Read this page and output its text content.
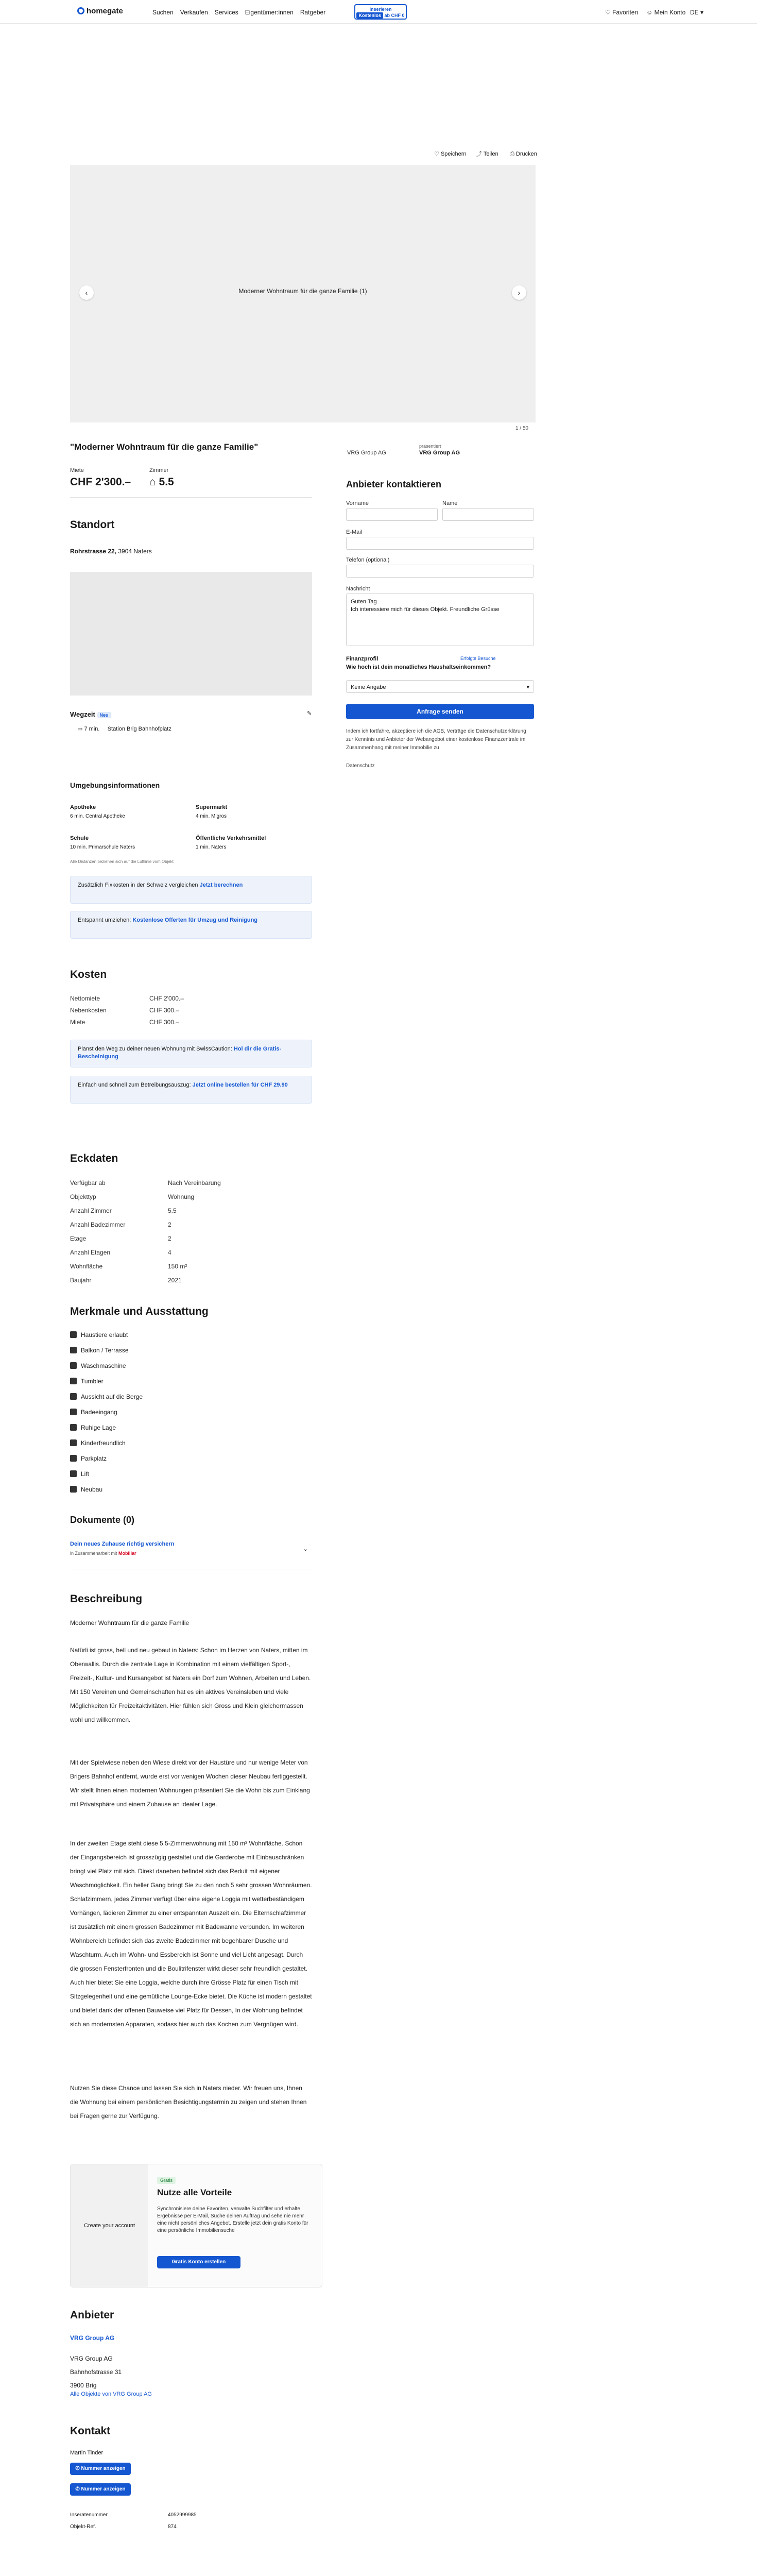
homegate	Suchen Verkaufen Services Eigentümer:innen Ratgeber	Inserieren
Kostenlos ab CHF 0	♡ Favoriten ☺ Mein Konto DE ▾
♡ Speichern ⤴ Teilen ⎙ Drucken
Moderner Wohntraum für die ganze Familie (1)
‹	›
1 / 50
"Moderner Wohntraum für die ganze Familie"
Miete	Zimmer
CHF 2'300.– ⌂ 5.5
VRG Group AG
präsentiert
VRG Group AG
Anbieter kontaktieren
Vorname	Name
E-Mail
Telefon (optional)
Nachricht
Guten Tag
Ich interessiere mich für dieses Objekt. Freundliche Grüsse
Finanzprofil	Erfolgte Besuche
Wie hoch ist dein monatliches Haushaltseinkommen?
Keine Angabe	▾
Anfrage senden
Indem ich fortfahre, akzeptiere ich die AGB, Verträge die Datenschutzerklärung zur Kenntnis und Anbieter der Webangebot einer kostenlose Finanzzentrale im Zusammenhang mit meiner Immobilie zu
Datenschutz
Standort
Rohrstrasse 22, 3904 Naters
Wegzeit Neu	✎
▭ 7 min. Station Brig Bahnhofplatz
Umgebungsinformationen
Apotheke
6 min. Central Apotheke
Supermarkt
4 min. Migros
Schule
10 min. Primarschule Naters
Öffentliche Verkehrsmittel
1 min. Naters
Alle Distanzen beziehen sich auf die Luftlinie vom Objekt
Zusätzlich Fixkosten in der Schweiz vergleichen Jetzt berechnen
Entspannt umziehen: Kostenlose Offerten für Umzug und Reinigung
Kosten
Nettomiete	CHF 2'000.–
Nebenkosten	CHF 300.–
Miete	CHF 300.–
Planst den Weg zu deiner neuen Wohnung mit SwissCaution: Hol dir die Gratis-Bescheinigung
Einfach und schnell zum Betreibungsauszug: Jetzt online bestellen für CHF 29.90
Eckdaten
Verfügbar ab	Nach Vereinbarung
Objekttyp	Wohnung
Anzahl Zimmer	5.5
Anzahl Badezimmer	2
Etage	2
Anzahl Etagen	4
Wohnfläche	150 m²
Baujahr	2021
Merkmale und Ausstattung
Haustiere erlaubt
Balkon / Terrasse
Waschmaschine
Tumbler
Aussicht auf die Berge
Badeeingang
Ruhige Lage
Kinderfreundlich
Parkplatz
Lift
Neubau
Dokumente (0)
Dein neues Zuhause richtig versichern
in Zusammenarbeit mit Mobiliar
⌄
Beschreibung
Moderner Wohntraum für die ganze Familie
Natürli ist gross, hell und neu gebaut in Naters: Schon im Herzen von Naters, mitten im Oberwallis. Durch die zentrale Lage in Kombination mit einem vielfältigen Sport-, Freizeit-, Kultur- und Kursangebot ist Naters ein Dorf zum Wohnen, Arbeiten und Leben. Mit 150 Vereinen und Gemeinschaften hat es ein aktives Vereinsleben und viele Möglichkeiten für Freizeitaktivitäten. Hier fühlen sich Gross und Klein gleichermassen wohl und willkommen.
Mit der Spielwiese neben den Wiese direkt vor der Haustüre und nur wenige Meter von Brigers Bahnhof entfernt, wurde erst vor wenigen Wochen dieser Neubau fertiggestellt. Wir stellt Ihnen einen modernen Wohnungen präsentiert Sie die Wohn bis zum Einklang mit Privatsphäre und einem Zuhause an idealer Lage.
In der zweiten Etage steht diese 5.5-Zimmerwohnung mit 150 m² Wohnfläche. Schon der Eingangsbereich ist grosszügig gestaltet und die Garderobe mit Einbauschränken bringt viel Platz mit sich. Direkt daneben befindet sich das Reduit mit eigener Waschmöglichkeit. Ein heller Gang bringt Sie zu den noch 5 sehr grossen Wohnräumen. Schlafzimmern, jedes Zimmer verfügt über eine eigene Loggia mit wetterbeständigem Vorhängen, lädieren Zimmer zu einer entspannten Auszeit ein. Die Elternschlafzimmer ist zusätzlich mit einem grossen Badezimmer mit Badewanne verbunden. Im weiteren Wohnbereich befindet sich das zweite Badezimmer mit begehbarer Dusche und Waschturm. Auch im Wohn- und Essbereich ist Sonne und viel Licht angesagt. Durch die grossen Fensterfronten und die Boulitrifenster wirkt dieser sehr freundlich gestaltet. Auch hier bietet Sie eine Loggia, welche durch ihre Grösse Platz für einen Tisch mit Sitzgelegenheit und eine gemütliche Lounge-Ecke bietet. Die Küche ist modern gestaltet und bietet dank der offenen Bauweise viel Platz für Dessen, In der Wohnung befindet sich an modernsten Apparaten, sodass hier auch das Kochen zum Vergnügen wird.
Nutzen Sie diese Chance und lassen Sie sich in Naters nieder. Wir freuen uns, Ihnen die Wohnung bei einem persönlichen Besichtigungstermin zu zeigen und stehen Ihnen bei Fragen gerne zur Verfügung.
Create your account
Gratis
Nutze alle Vorteile
Synchronisiere deine Favoriten, verwalte Suchfilter und erhalte Ergebnisse per E-Mail, Suche deinen Auftrag und sehe nie mehr eine nicht persönliches Angebot. Erstelle jetzt dein gratis Konto für eine persönliche Immobiliensuche
Gratis Konto erstellen
Anbieter
VRG Group AG
VRG Group AG
Bahnhofstrasse 31
3900 Brig
Alle Objekte von VRG Group AG
Kontakt
Martin Tinder
✆ Nummer anzeigen
✆ Nummer anzeigen
Inseratenummer	4052999985
Objekt-Ref.	874
